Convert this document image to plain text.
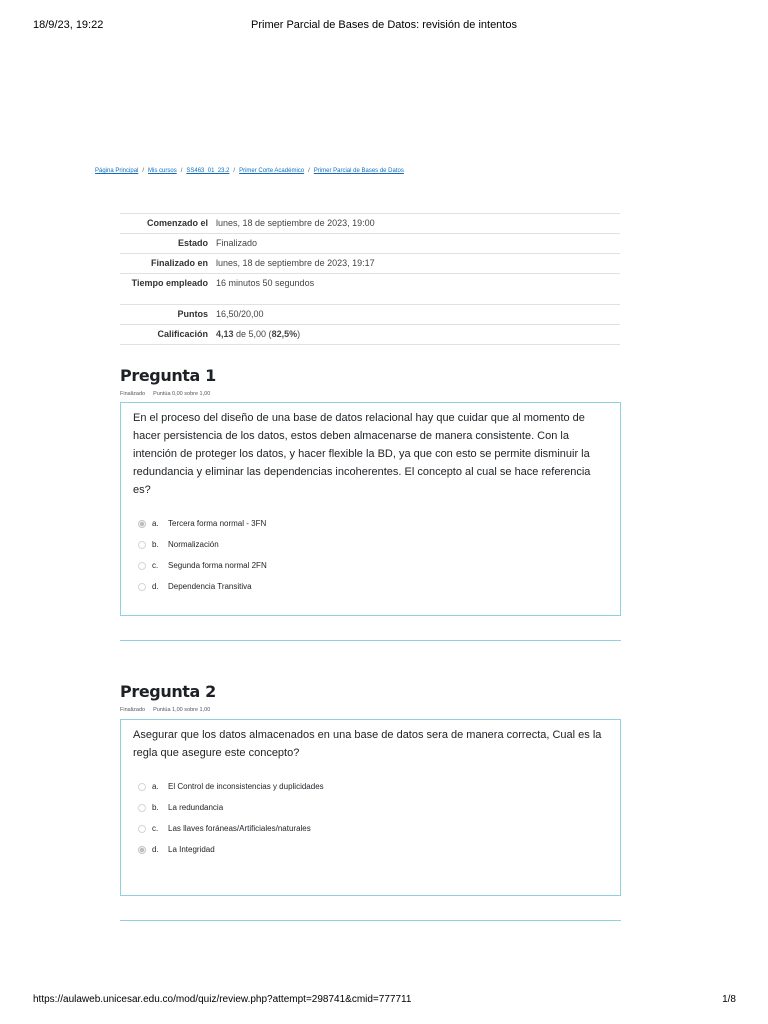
18/9/23, 19:22	Primer Parcial de Bases de Datos: revisión de intentos
Página Principal / Mis cursos / SS463_01_23.2 / Primer Corte Académico / Primer Parcial de Bases de Datos
Comenzado el	lunes, 18 de septiembre de 2023, 19:00
Estado	Finalizado
Finalizado en	lunes, 18 de septiembre de 2023, 19:17
Tiempo empleado	16 minutos 50 segundos
Puntos	16,50/20,00
Calificación	4,13 de 5,00 (82,5%)
Pregunta 1
Finalizado Puntúa 0,00 sobre 1,00
En el proceso del diseño de una base de datos relacional hay que cuidar que al momento de hacer persistencia de los datos, estos deben almacenarse de manera consistente. Con la intención de proteger los datos, y hacer flexible la BD, ya que con esto se permite disminuir la redundancia y eliminar las dependencias incoherentes. El concepto al cual se hace referencia es?
a.	Tercera forma normal - 3FN
b.	Normalización
c.	Segunda forma normal 2FN
d.	Dependencia Transitiva
Pregunta 2
Finalizado Puntúa 1,00 sobre 1,00
Asegurar que los datos almacenados en una base de datos sera de manera correcta, Cual es la regla que asegure este concepto?
a.	El Control de inconsistencias y duplicidades
b.	La redundancia
c.	Las llaves foráneas/Artificiales/naturales
d.	La Integridad
https://aulaweb.unicesar.edu.co/mod/quiz/review.php?attempt=298741&cmid=777711	1/8
